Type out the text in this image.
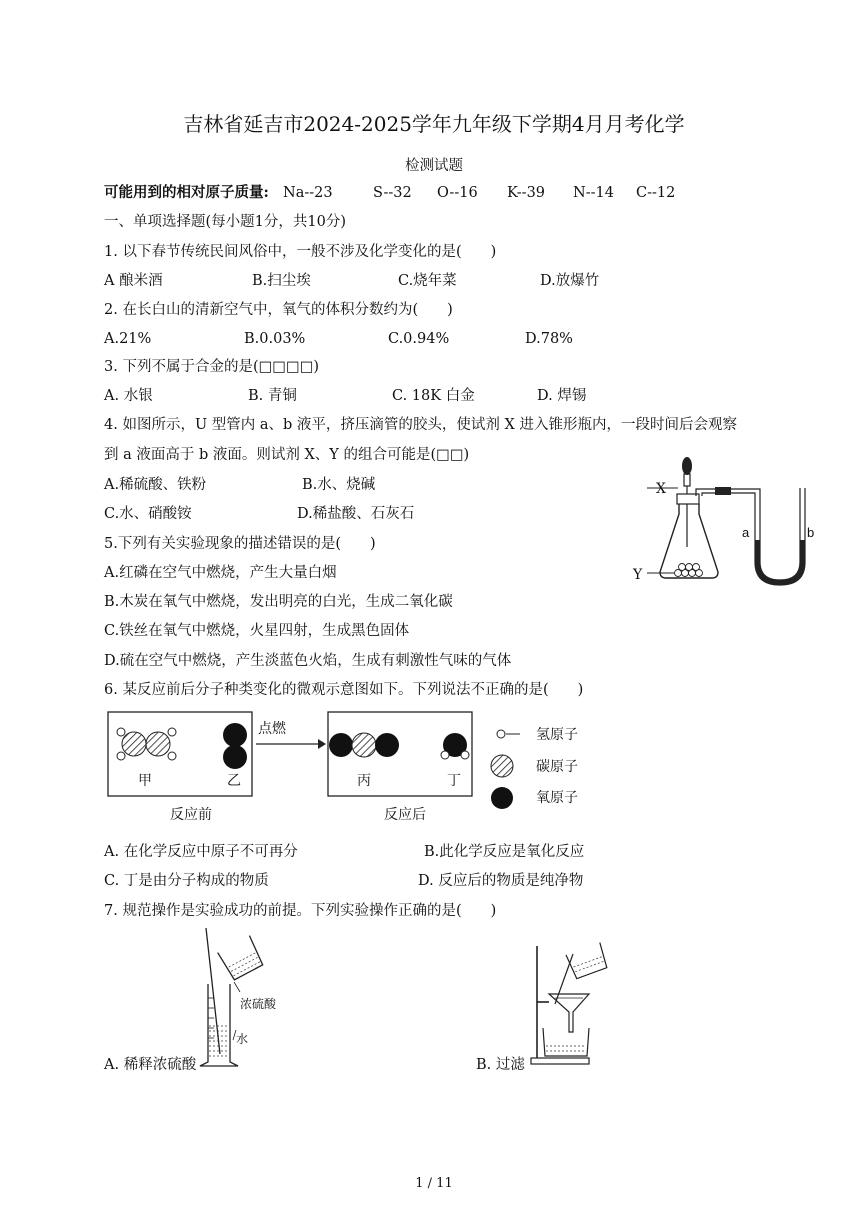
吉林省延吉市2024-2025学年九年级下学期4月月考化学
检测试题
可能用到的相对原子质量: Na--23	S--32 O--16 K--39 N--14 C--12
一、单项选择题(每小题1分，共10分)
1. 以下春节传统民间风俗中，一般不涉及化学变化的是(　　)
A 酿米酒	B.扫尘埃	C.烧年菜	D.放爆竹
2. 在长白山的清新空气中，氧气的体积分数约为(　　)
A.21%	B.0.03%	C.0.94%	D.78%
3. 下列不属于合金的是(□□□□)
A. 水银	B. 青铜	C. 18K 白金	D. 焊锡
4. 如图所示，U 型管内 a、b 液平，挤压滴管的胶头，使试剂 X 进入锥形瓶内，一段时间后会观察
到 a 液面高于 b 液面。则试剂 X、Y 的组合可能是(□□)
A.稀硫酸、铁粉	B.水、烧碱
C.水、硝酸铵	D.稀盐酸、石灰石
X
Y
a	b
5.下列有关实验现象的描述错误的是(　　)
A.红磷在空气中燃烧，产生大量白烟
B.木炭在氧气中燃烧，发出明亮的白光，生成二氧化碳
C.铁丝在氧气中燃烧，火星四射，生成黑色固体
D.硫在空气中燃烧，产生淡蓝色火焰，生成有刺激性气味的气体
6. 某反应前后分子种类变化的微观示意图如下。下列说法不正确的是(　　)
点燃
甲	乙	丙	丁
反应前	反应后
氢原子
碳原子
氧原子
A. 在化学反应中原子不可再分	B.此化学反应是氧化反应
C. 丁是由分子构成的物质	D. 反应后的物质是纯净物
7. 规范操作是实验成功的前提。下列实验操作正确的是(　　)
浓硫酸
水
A. 稀释浓硫酸	B. 过滤
1 / 11
